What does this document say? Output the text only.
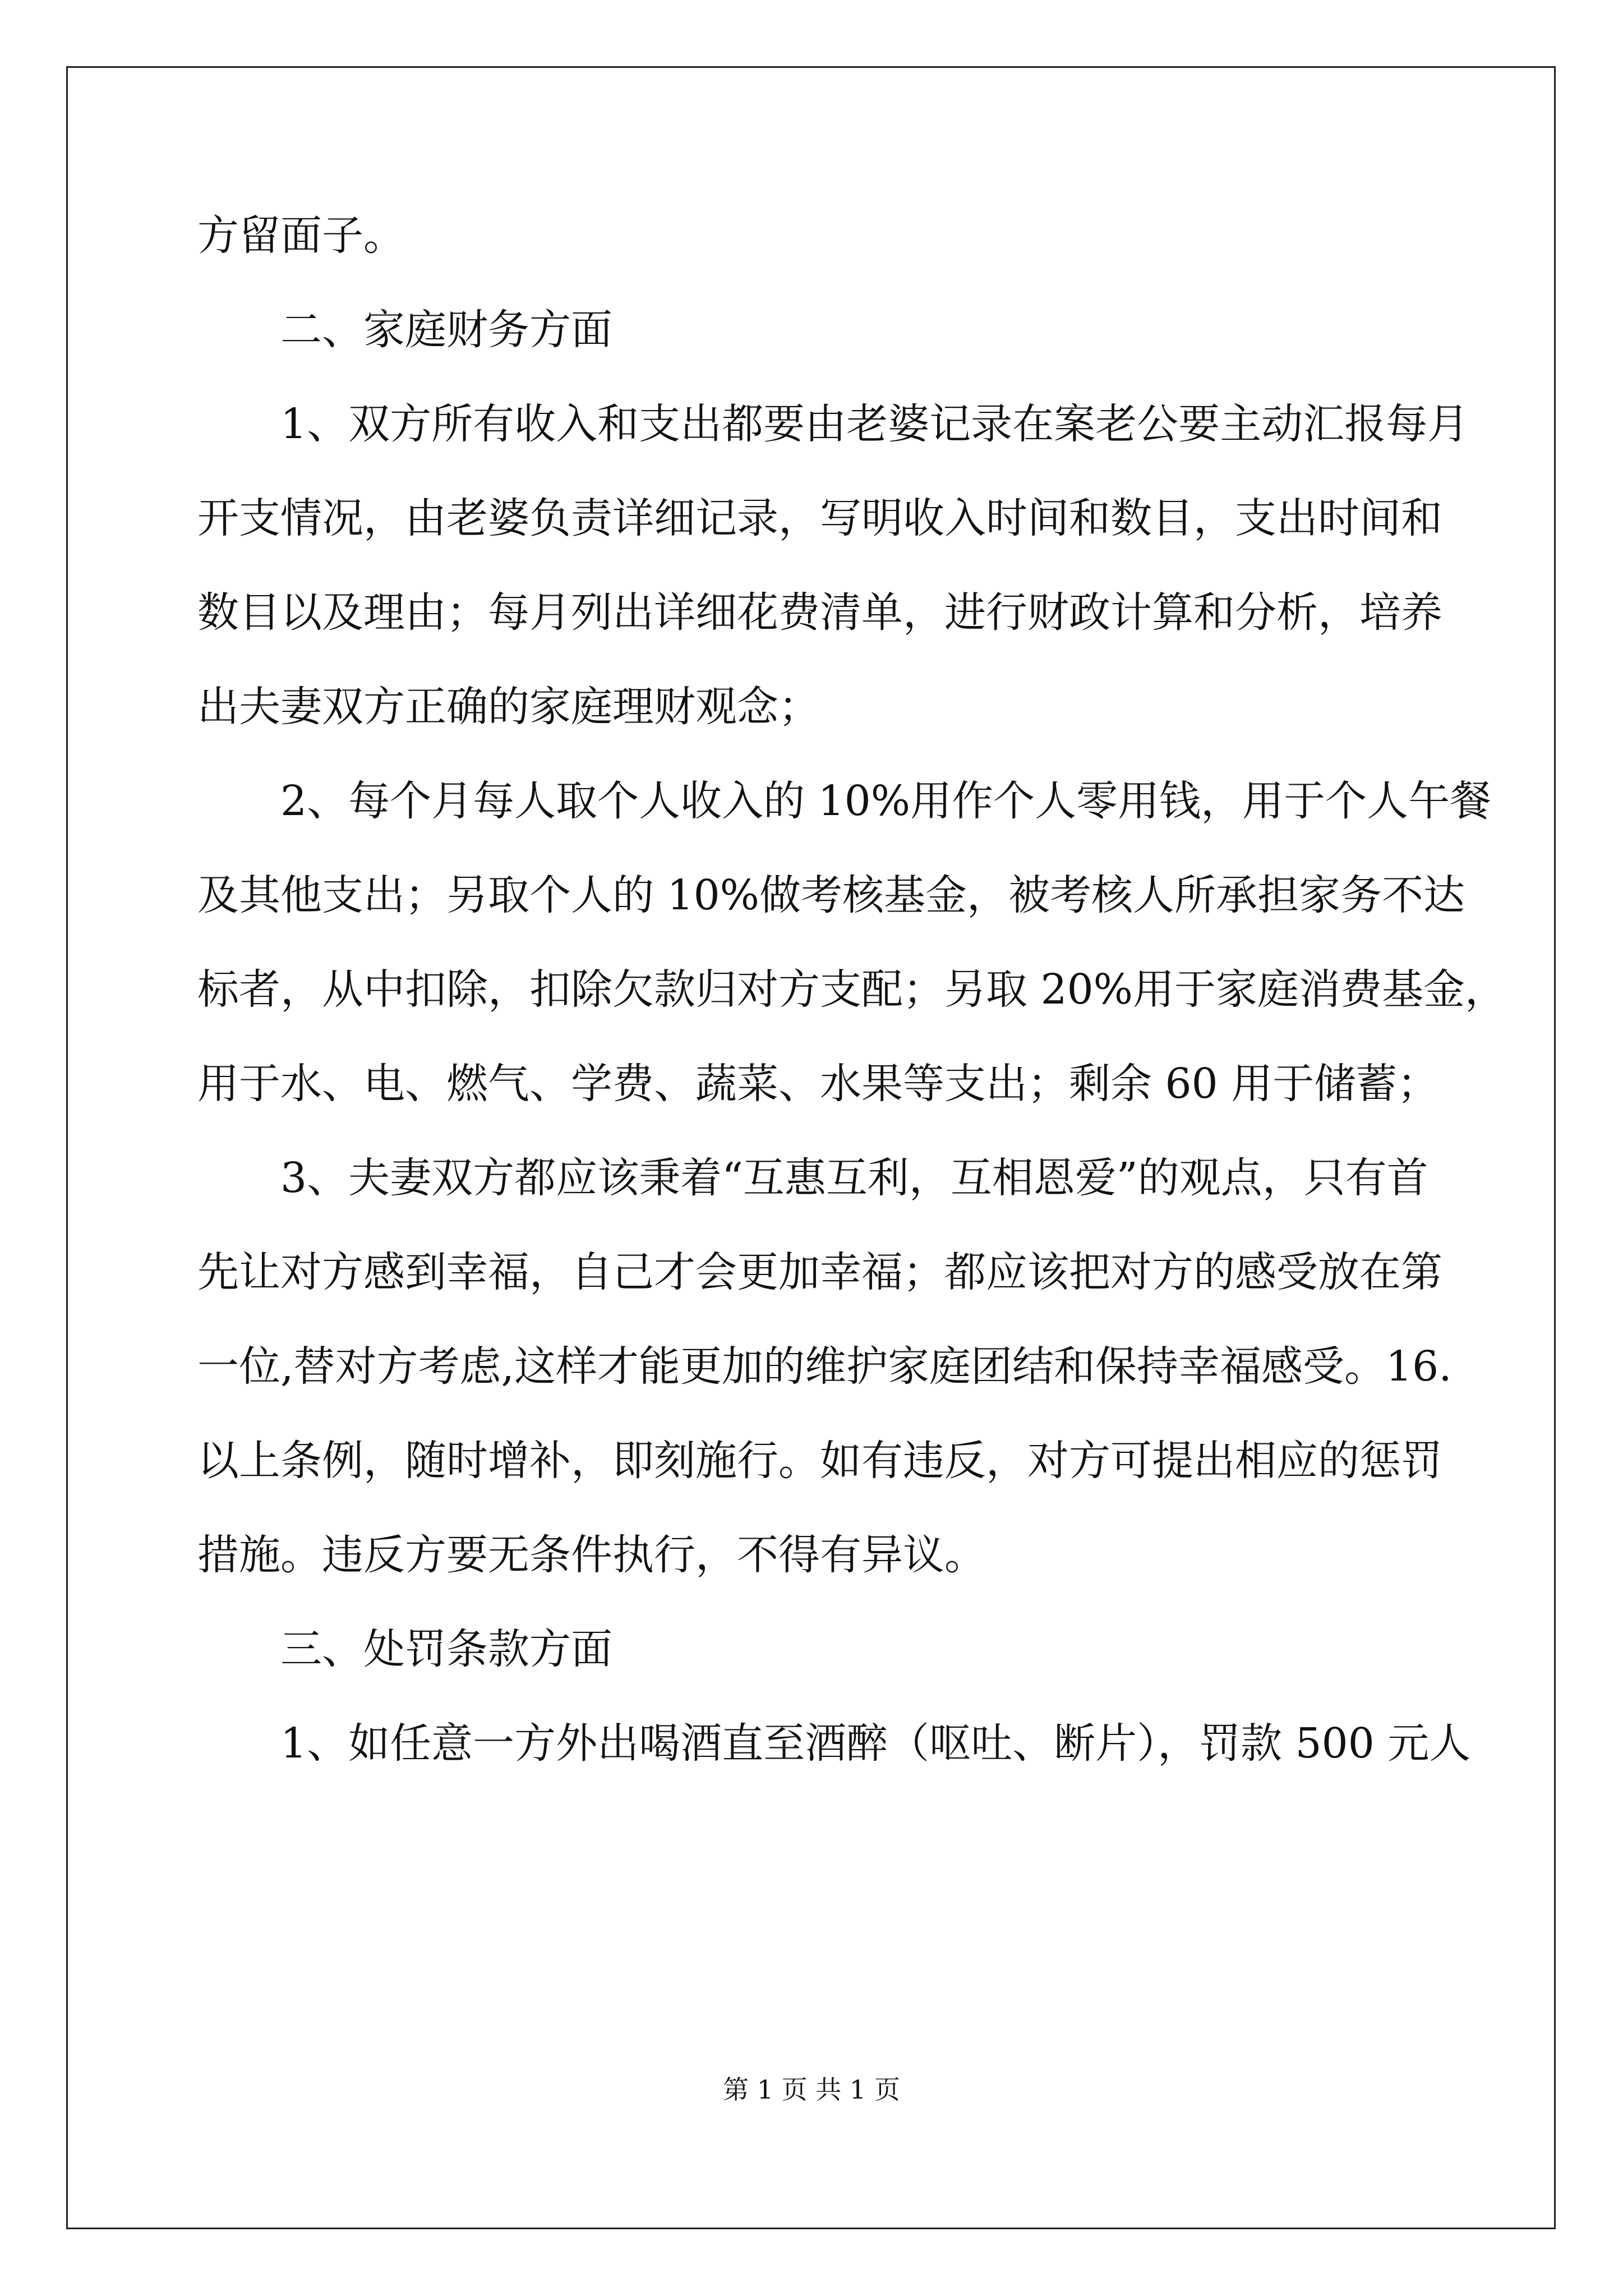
方留面子。
二、家庭财务方面
1、双方所有收入和支出都要由老婆记录在案老公要主动汇报每月
开支情况，由老婆负责详细记录，写明收入时间和数目，支出时间和
数目以及理由；每月列出详细花费清单，进行财政计算和分析，培养
出夫妻双方正确的家庭理财观念；
2、每个月每人取个人收入的 10%用作个人零用钱，用于个人午餐
及其他支出；另取个人的 10%做考核基金，被考核人所承担家务不达
标者，从中扣除，扣除欠款归对方支配；另取 20%用于家庭消费基金，
用于水、电、燃气、学费、蔬菜、水果等支出；剩余 60 用于储蓄；
3、夫妻双方都应该秉着“互惠互利，互相恩爱”的观点，只有首
先让对方感到幸福，自己才会更加幸福；都应该把对方的感受放在第
一位,替对方考虑,这样才能更加的维护家庭团结和保持幸福感受。16.
以上条例，随时增补，即刻施行。如有违反，对方可提出相应的惩罚
措施。违反方要无条件执行，不得有异议。
三、处罚条款方面
1、如任意一方外出喝酒直至酒醉（呕吐、断片），罚款 500 元人
第 1 页 共 1 页
